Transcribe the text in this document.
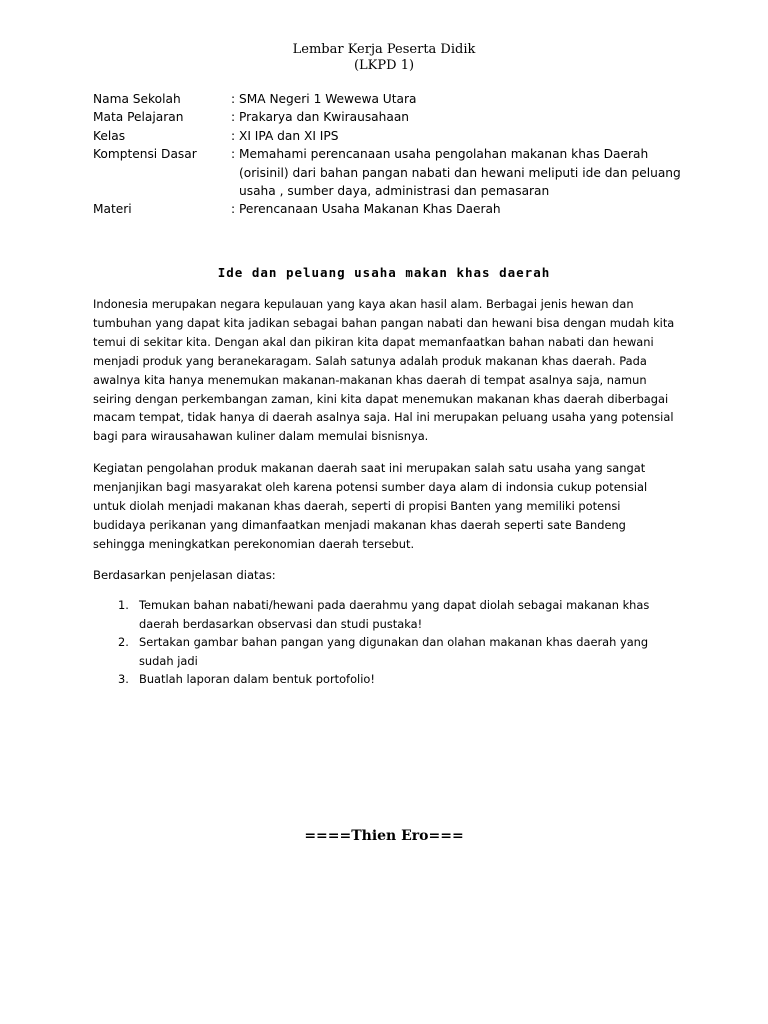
Lembar Kerja Peserta Didik
(LKPD 1)
Nama Sekolah	: SMA Negeri 1 Wewewa Utara
Mata Pelajaran	: Prakarya dan Kwirausahaan
Kelas	: XI IPA dan XI IPS
Komptensi Dasar	: Memahami perencanaan usaha pengolahan makanan khas Daerah
(orisinil) dari bahan pangan nabati dan hewani meliputi ide dan peluang
usaha , sumber daya, administrasi dan pemasaran
Materi	: Perencanaan Usaha Makanan Khas Daerah
Ide dan peluang usaha makan khas daerah
Indonesia merupakan negara kepulauan yang kaya akan hasil alam. Berbagai jenis hewan dan
tumbuhan yang dapat kita jadikan sebagai bahan pangan nabati dan hewani bisa dengan mudah kita
temui di sekitar kita. Dengan akal dan pikiran kita dapat memanfaatkan bahan nabati dan hewani
menjadi produk yang beranekaragam. Salah satunya adalah produk makanan khas daerah. Pada
awalnya kita hanya menemukan makanan-makanan khas daerah di tempat asalnya saja, namun
seiring dengan perkembangan zaman, kini kita dapat menemukan makanan khas daerah diberbagai
macam tempat, tidak hanya di daerah asalnya saja. Hal ini merupakan peluang usaha yang potensial
bagi para wirausahawan kuliner dalam memulai bisnisnya.
Kegiatan pengolahan produk makanan daerah saat ini merupakan salah satu usaha yang sangat
menjanjikan bagi masyarakat oleh karena potensi sumber daya alam di indonsia cukup potensial
untuk diolah menjadi makanan khas daerah, seperti di propisi Banten yang memiliki potensi
budidaya perikanan yang dimanfaatkan menjadi makanan khas daerah seperti sate Bandeng
sehingga meningkatkan perekonomian daerah tersebut.
Berdasarkan penjelasan diatas:
1. Temukan bahan nabati/hewani pada daerahmu yang dapat diolah sebagai makanan khas
daerah berdasarkan observasi dan studi pustaka!
2. Sertakan gambar bahan pangan yang digunakan dan olahan makanan khas daerah yang
sudah jadi
3. Buatlah laporan dalam bentuk portofolio!
====Thien Ero===
